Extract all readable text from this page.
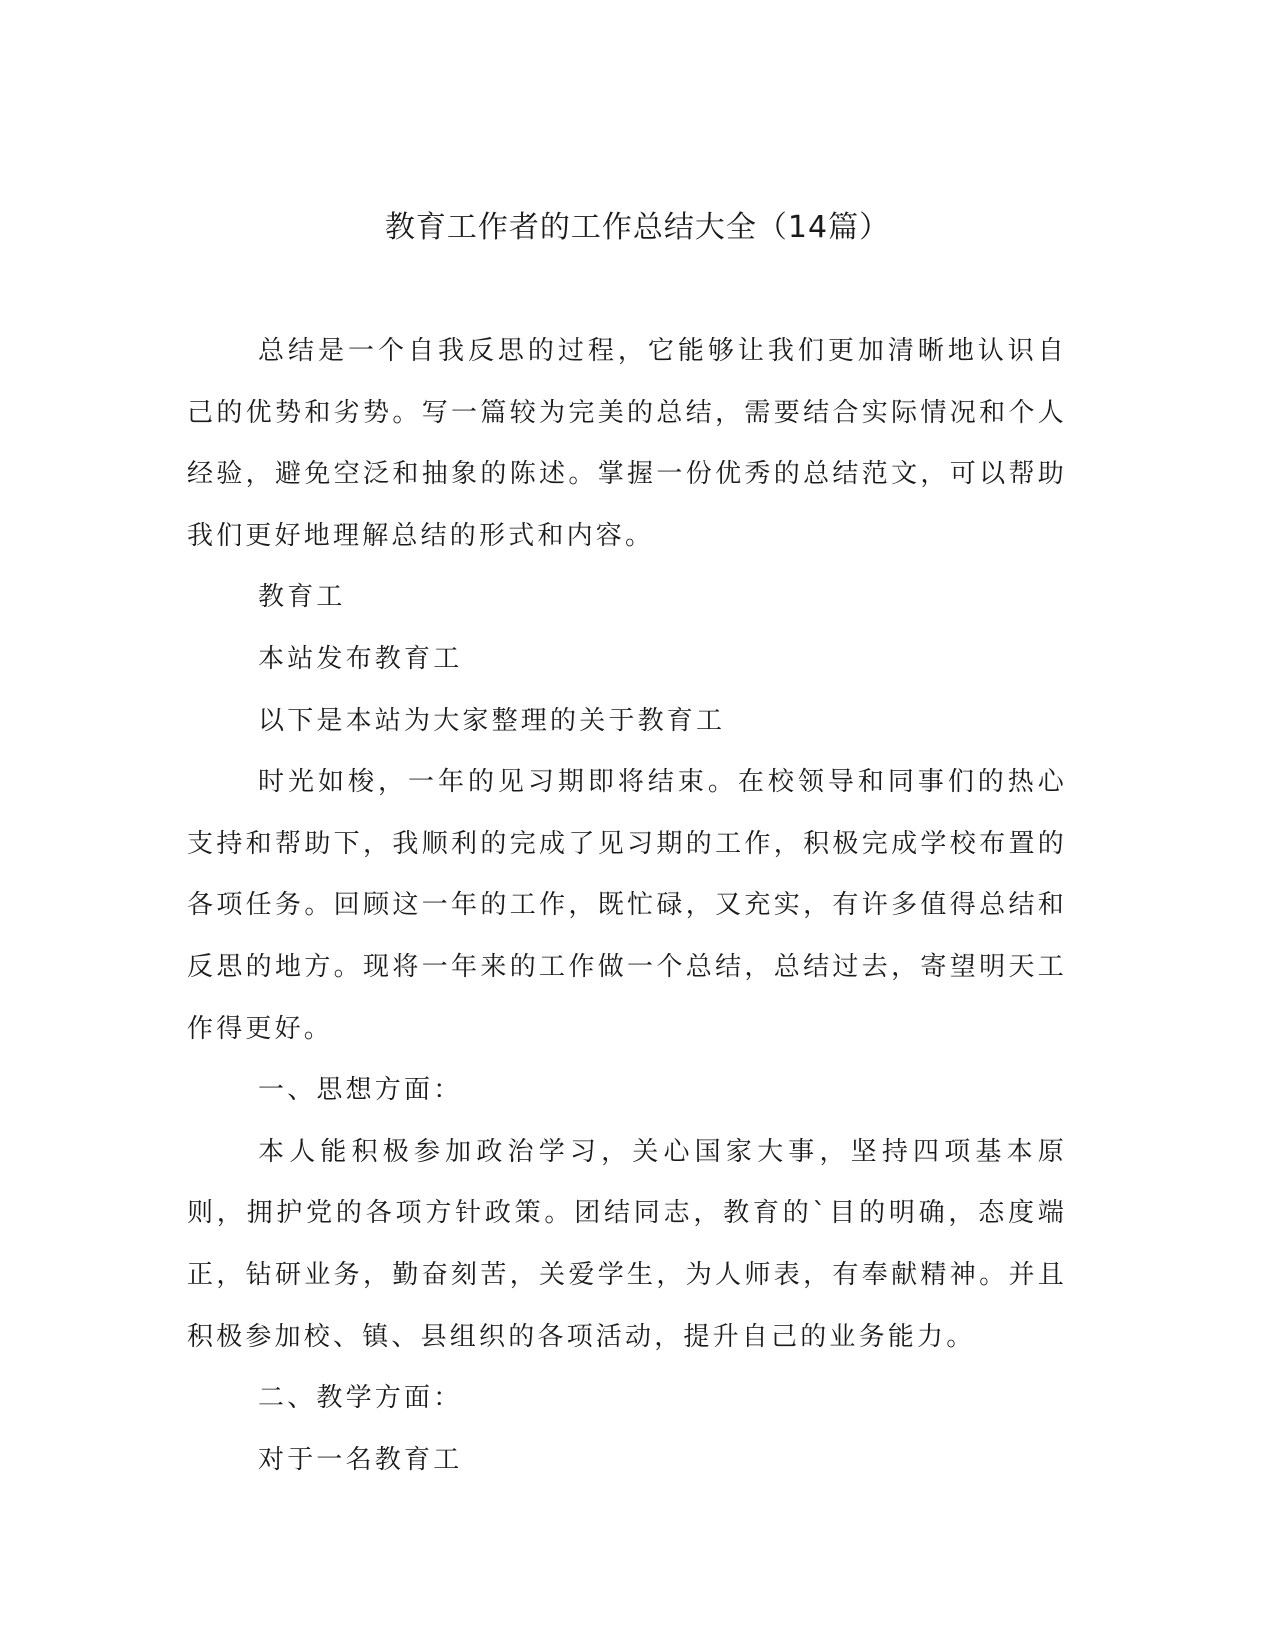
教育工作者的工作总结大全（14篇）

总结是一个自我反思的过程，它能够让我们更加清晰地认识自己的优势和劣势。写一篇较为完美的总结，需要结合实际情况和个人经验，避免空泛和抽象的陈述。掌握一份优秀的总结范文，可以帮助我们更好地理解总结的形式和内容。

教育工

本站发布教育工

以下是本站为大家整理的关于教育工

时光如梭，一年的见习期即将结束。在校领导和同事们的热心支持和帮助下，我顺利的完成了见习期的工作，积极完成学校布置的各项任务。回顾这一年的工作，既忙碌，又充实，有许多值得总结和反思的地方。现将一年来的工作做一个总结，总结过去，寄望明天工作得更好。

一、思想方面：

本人能积极参加政治学习，关心国家大事，坚持四项基本原则，拥护党的各项方针政策。团结同志，教育的`目的明确，态度端正，钻研业务，勤奋刻苦，关爱学生，为人师表，有奉献精神。并且积极参加校、镇、县组织的各项活动，提升自己的业务能力。

二、教学方面：

对于一名教育工
